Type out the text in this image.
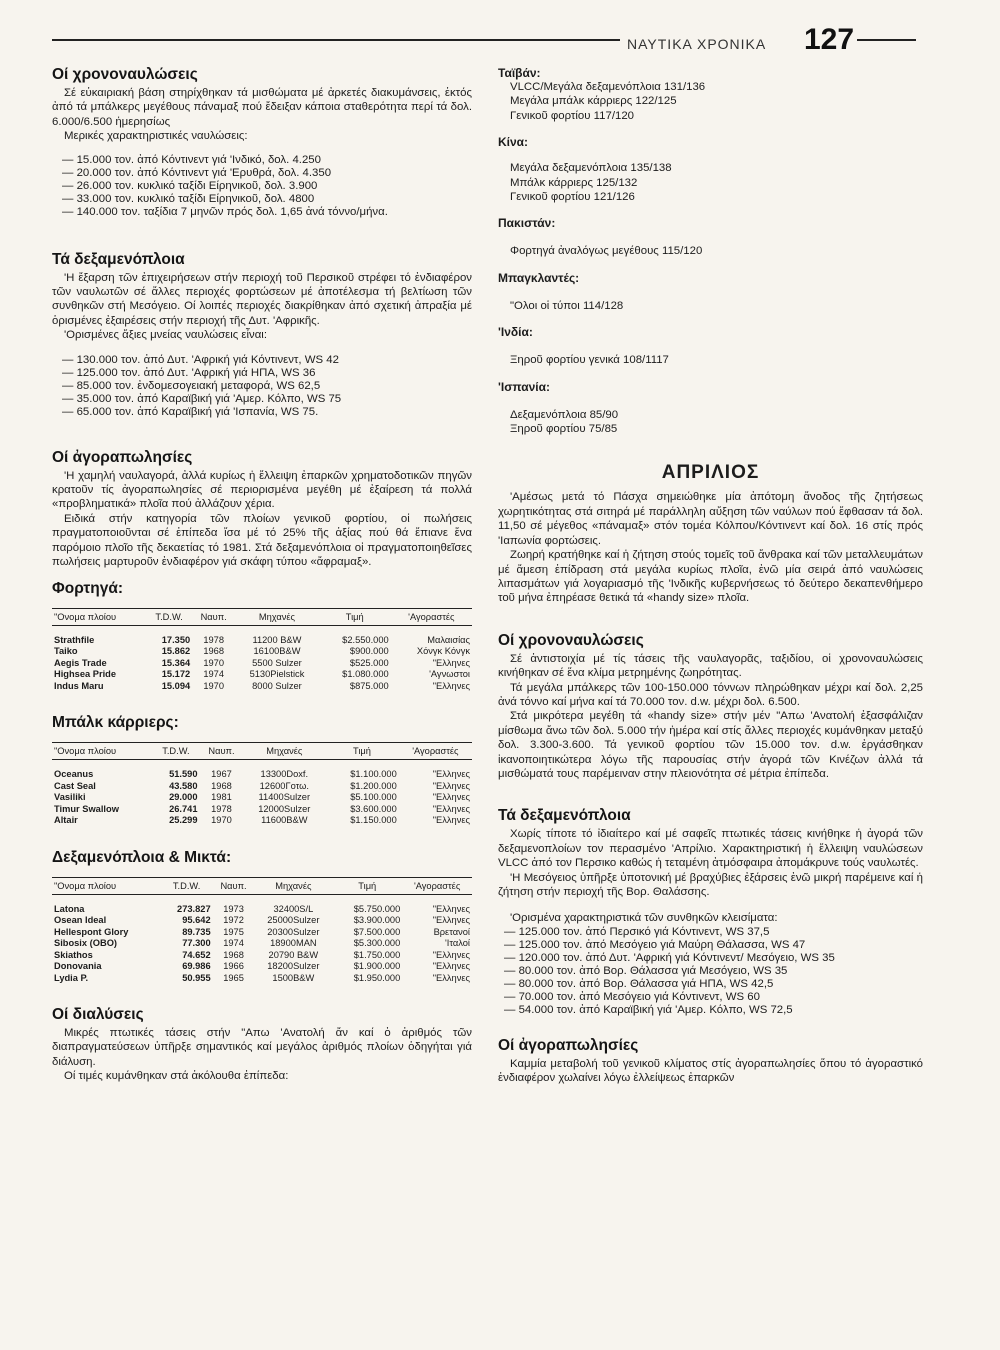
ΝΑΥΤΙΚΑ ΧΡΟΝΙΚΑ 127
Οί χρονοναυλώσεις

Σέ εὐκαιριακή βάση στηρίχθηκαν τά μισθώματα μέ ἀρκετές διακυμάνσεις, ἐκτός ἀπό τά μπάλκερς μεγέθους πάναμαξ πού ἔδειξαν κάποια σταθερότητα περί τά δολ. 6.000/6.500 ἡμερησίως

Μερικές χαρακτηριστικές ναυλώσεις:

— 15.000 τον. ἀπό Κόντινεντ γιά 'Ινδικό, δολ. 4.250
— 20.000 τον. ἀπό Κόντινεντ γιά 'Ερυθρά, δολ. 4.350
— 26.000 τον. κυκλικό ταξίδι Είρηνικοῦ, δολ. 3.900
— 33.000 τον. κυκλικό ταξίδι Είρηνικοῦ, δολ. 4800
— 140.000 τον. ταξίδια 7 μηνῶν πρός δολ. 1,65 ἀνά τόννο/μήνα.
Τά δεξαμενόπλοια

'Η ἔξαρση τῶν ἐπιχειρήσεων στήν περιοχή τοῦ Περσικοῦ στρέφει τό ἐνδιαφέρον τῶν ναυλωτῶν σέ ἄλλες περιοχές φορτώσεων μέ ἀποτέλεσμα τή βελτίωση τῶν συνθηκῶν στή Μεσόγειο. Οί λοιπές περιοχές διακρίθηκαν ἀπό σχετική ἀπραξία μέ ὁρισμένες ἐξαιρέσεις στήν περιοχή τῆς Δυτ. 'Αφρικῆς.

'Ορισμένες ἄξιες μνείας ναυλώσεις εἶναι:

— 130.000 τον. ἀπό Δυτ. 'Αφρική γιά Κόντινεντ, WS 42
— 125.000 τον. ἀπό Δυτ. 'Αφρική γιά ΗΠΑ, WS 36
— 85.000 τον. ἐνδομεσογειακή μεταφορά, WS 62,5
— 35.000 τον. ἀπό Καραϊβική γιά 'Αμερ. Κόλπο, WS 75
— 65.000 τον. ἀπό Καραϊβική γιά 'Ισπανία, WS 75.
Οί ἀγοραπωλησίες

'Η χαμηλή ναυλαγορά, ἀλλά κυρίως ἡ ἔλλειψη ἐπαρκῶν χρηματοδοτικῶν πηγῶν κρατοῦν τίς ἀγοραπωλησίες σέ περιορισμένα μεγέθη μέ ἐξαίρεση τά πολλά «προβληματικά» πλοῖα πού ἀλλάζουν χέρια.

Ειδικά στήν κατηγορία τῶν πλοίων γενικοῦ φορτίου, οἱ πωλήσεις πραγματοποιοῦνται σέ ἐπίπεδα ἴσα μέ τό 25% τῆς ἀξίας πού θά ἔπιανε ἕνα παρόμοιο πλοῖο τῆς δεκαετίας τό 1981. Στά δεξαμενόπλοια οἱ πραγματοποιηθεῖσες πωλήσεις μαρτυροῦν ἐνδιαφέρον γιά σκάφη τύπου «ἄφραμαξ».

Φορτηγά:
"Ονομα πλοίου	T.D.W.	Ναυπ.	Μηχανές	Τιμή	'Αγοραστές
Strathfile	17.350	1978	11200 B&W	$2.550.000	Μαλαισίας
Taiko	15.862	1968	16100B&W	$900.000	Χόνγκ Κόνγκ
Aegis Trade	15.364	1970	5500 Sulzer	$525.000	"Ελληνες
Highsea Pride	15.172	1974	5130Pielstick	$1.080.000	'Αγνωστοι
Indus Maru	15.094	1970	8000 Sulzer	$875.000	"Ελληνες
Μπάλκ κάρριερς:
"Ονομα πλοίου	T.D.W.	Ναυπ.	Μηχανές	Τιμή	'Αγοραστές
Oceanus	51.590	1967	13300Doxf.	$1.100.000	"Ελληνες
Cast Seal	43.580	1968	12600Γοτω.	$1.200.000	"Ελληνες
Vasiliki	29.000	1981	11400Sulzer	$5.100.000	"Ελληνες
Timur Swallow	26.741	1978	12000Sulzer	$3.600.000	"Ελληνες
Altair	25.299	1970	11600B&W	$1.150.000	"Ελληνες
Δεξαμενόπλοια & Μικτά:
"Ονομα πλοίου	T.D.W.	Ναυπ.	Μηχανές	Τιμή	'Αγοραστές
Latona	273.827	1973	32400S/L	$5.750.000	"Ελληνες
Osean Ideal	95.642	1972	25000Sulzer	$3.900.000	"Ελληνες
Hellespont Glory	89.735	1975	20300Sulzer	$7.500.000	Βρετανοί
Sibosix (OBO)	77.300	1974	18900MAN	$5.300.000	'Ιταλοί
Skiathos	74.652	1968	20790 B&W	$1.750.000	"Ελληνες
Donovania	69.986	1966	18200Sulzer	$1.900.000	"Ελληνες
Lydia P.	50.955	1965	1500B&W	$1.950.000	"Ελληνες
Οί διαλύσεις

Μικρές πτωτικές τάσεις στήν "Απω 'Ανατολή ἄν καί ὁ ἀριθμός τῶν διαπραγματεύσεων ὑπῆρξε σημαντικός καί μεγάλος ἀριθμός πλοίων ὁδηγήται γιά διάλυση.

Οί τιμές κυμάνθηκαν στά ἀκόλουθα ἐπίπεδα:

Ταϊβάν:
VLCC/Μεγάλα δεξαμενόπλοια 131/136
Μεγάλα μπάλκ κάρριερς 122/125
Γενικοῦ φορτίου 117/120
Κίνα:
Μεγάλα δεξαμενόπλοια 135/138
Μπάλκ κάρριερς 125/132
Γενικοῦ φορτίου 121/126
Πακιστάν:
Φορτηγά ἀναλόγως μεγέθους 115/120
Μπαγκλαντές:
"Ολοι οἱ τύποι 114/128
'Ινδία:
Ξηροῦ φορτίου γενικά 108/1117
'Ισπανία:
Δεξαμενόπλοια 85/90
Ξηροῦ φορτίου 75/85
ΑΠΡΙΛΙΟΣ

'Αμέσως μετά τό Πάσχα σημειώθηκε μία ἀπότομη ἄνοδος τῆς ζητήσεως χωρητικότητας στά σιτηρά μέ παράλληλη αὔξηση τῶν ναύλων πού ἔφθασαν τά δολ. 11,50 σέ μέγεθος «πάναμαξ» στόν τομέα Κόλπου/Κόντινεντ καί δολ. 16 στίς πρός 'Ιαπωνία φορτώσεις.

Ζωηρή κρατήθηκε καί ἡ ζήτηση στούς τομεῖς τοῦ ἄνθρακα καί τῶν μεταλλευμάτων μέ ἄμεση ἐπίδραση στά μεγάλα κυρίως πλοῖα, ἐνῶ μία σειρά ἀπό ναυλώσεις λιπασμάτων γιά λογαριασμό τῆς 'Ινδικῆς κυβερνήσεως τό δεύτερο δεκαπενθήμερο τοῦ μήνα ἐπηρέασε θετικά τά «handy size» πλοῖα.

Οί χρονοναυλώσεις

Σέ ἀντιστοιχία μέ τίς τάσεις τῆς ναυλαγορᾶς, ταξιδίου, οἱ χρονοναυλώσεις κινήθηκαν σέ ἕνα κλίμα μετρημένης ζωηρότητας.

Τά μεγάλα μπάλκερς τῶν 100-150.000 τόννων πληρώθηκαν μέχρι καί δολ. 2,25 ἀνά τόννο καί μήνα καί τά 70.000 τον. d.w. μέχρι δολ. 6.500.

Στά μικρότερα μεγέθη τά «handy size» στήν μέν "Απω 'Ανατολή ἐξασφάλιζαν μίσθωμα ἄνω τῶν δολ. 5.000 τήν ἡμέρα καί στίς ἄλλες περιοχές κυμάνθηκαν μεταξύ δολ. 3.300-3.600. Τά γενικοῦ φορτίου τῶν 15.000 τον. d.w. ἐργάσθηκαν ἱκανοποιητικώτερα λόγω τῆς παρουσίας στήν ἀγορά τῶν Κινέζων ἀλλά τά μισθώματά τους παρέμειναν στην πλειονότητα σέ μέτρια ἐπίπεδα.

Τά δεξαμενόπλοια

Χωρίς τίποτε τό ἰδιαίτερο καί μέ σαφεῖς πτωτικές τάσεις κινήθηκε ἡ ἀγορά τῶν δεξαμενοπλοίων τον περασμένο 'Απρίλιο. Χαρακτηριστική ἡ ἔλλειψη ναυλώσεων VLCC ἀπό τον Περσικο καθώς ἡ τεταμένη ἀτμόσφαιρα ἀπομάκρυνε τούς ναυλωτές.

'Η Μεσόγειος ὑπῆρξε ὑποτονική μέ βραχύβιες ἐξάρσεις ἐνῶ μικρή παρέμεινε καί ἡ ζήτηση στήν περιοχή τῆς Βορ. Θαλάσσης.

'Ορισμένα χαρακτηριστικά τῶν συνθηκῶν κλεισίματα:

— 125.000 τον. ἀπό Περσικό γιά Κόντινεντ, WS 37,5
— 125.000 τον. ἀπό Μεσόγειο γιά Μαύρη Θάλασσα, WS 47
— 120.000 τον. ἀπό Δυτ. 'Αφρική γιά Κόντινεντ/ Μεσόγειο, WS 35
— 80.000 τον. ἀπό Βορ. Θάλασσα γιά Μεσόγειο, WS 35
— 80.000 τον. ἀπό Βορ. Θάλασσα γιά ΗΠΑ, WS 42,5
— 70.000 τον. ἀπό Μεσόγειο γιά Κόντινεντ, WS 60
— 54.000 τον. ἀπό Καραϊβική γιά 'Αμερ. Κόλπο, WS 72,5
Οί ἀγοραπωλησίες

Καμμία μεταβολή τοῦ γενικοῦ κλίματος στίς ἀγοραπωλησίες ὅπου τό ἀγοραστικό ἐνδιαφέρον χωλαίνει λόγω ἐλλείψεως ἐπαρκῶν
